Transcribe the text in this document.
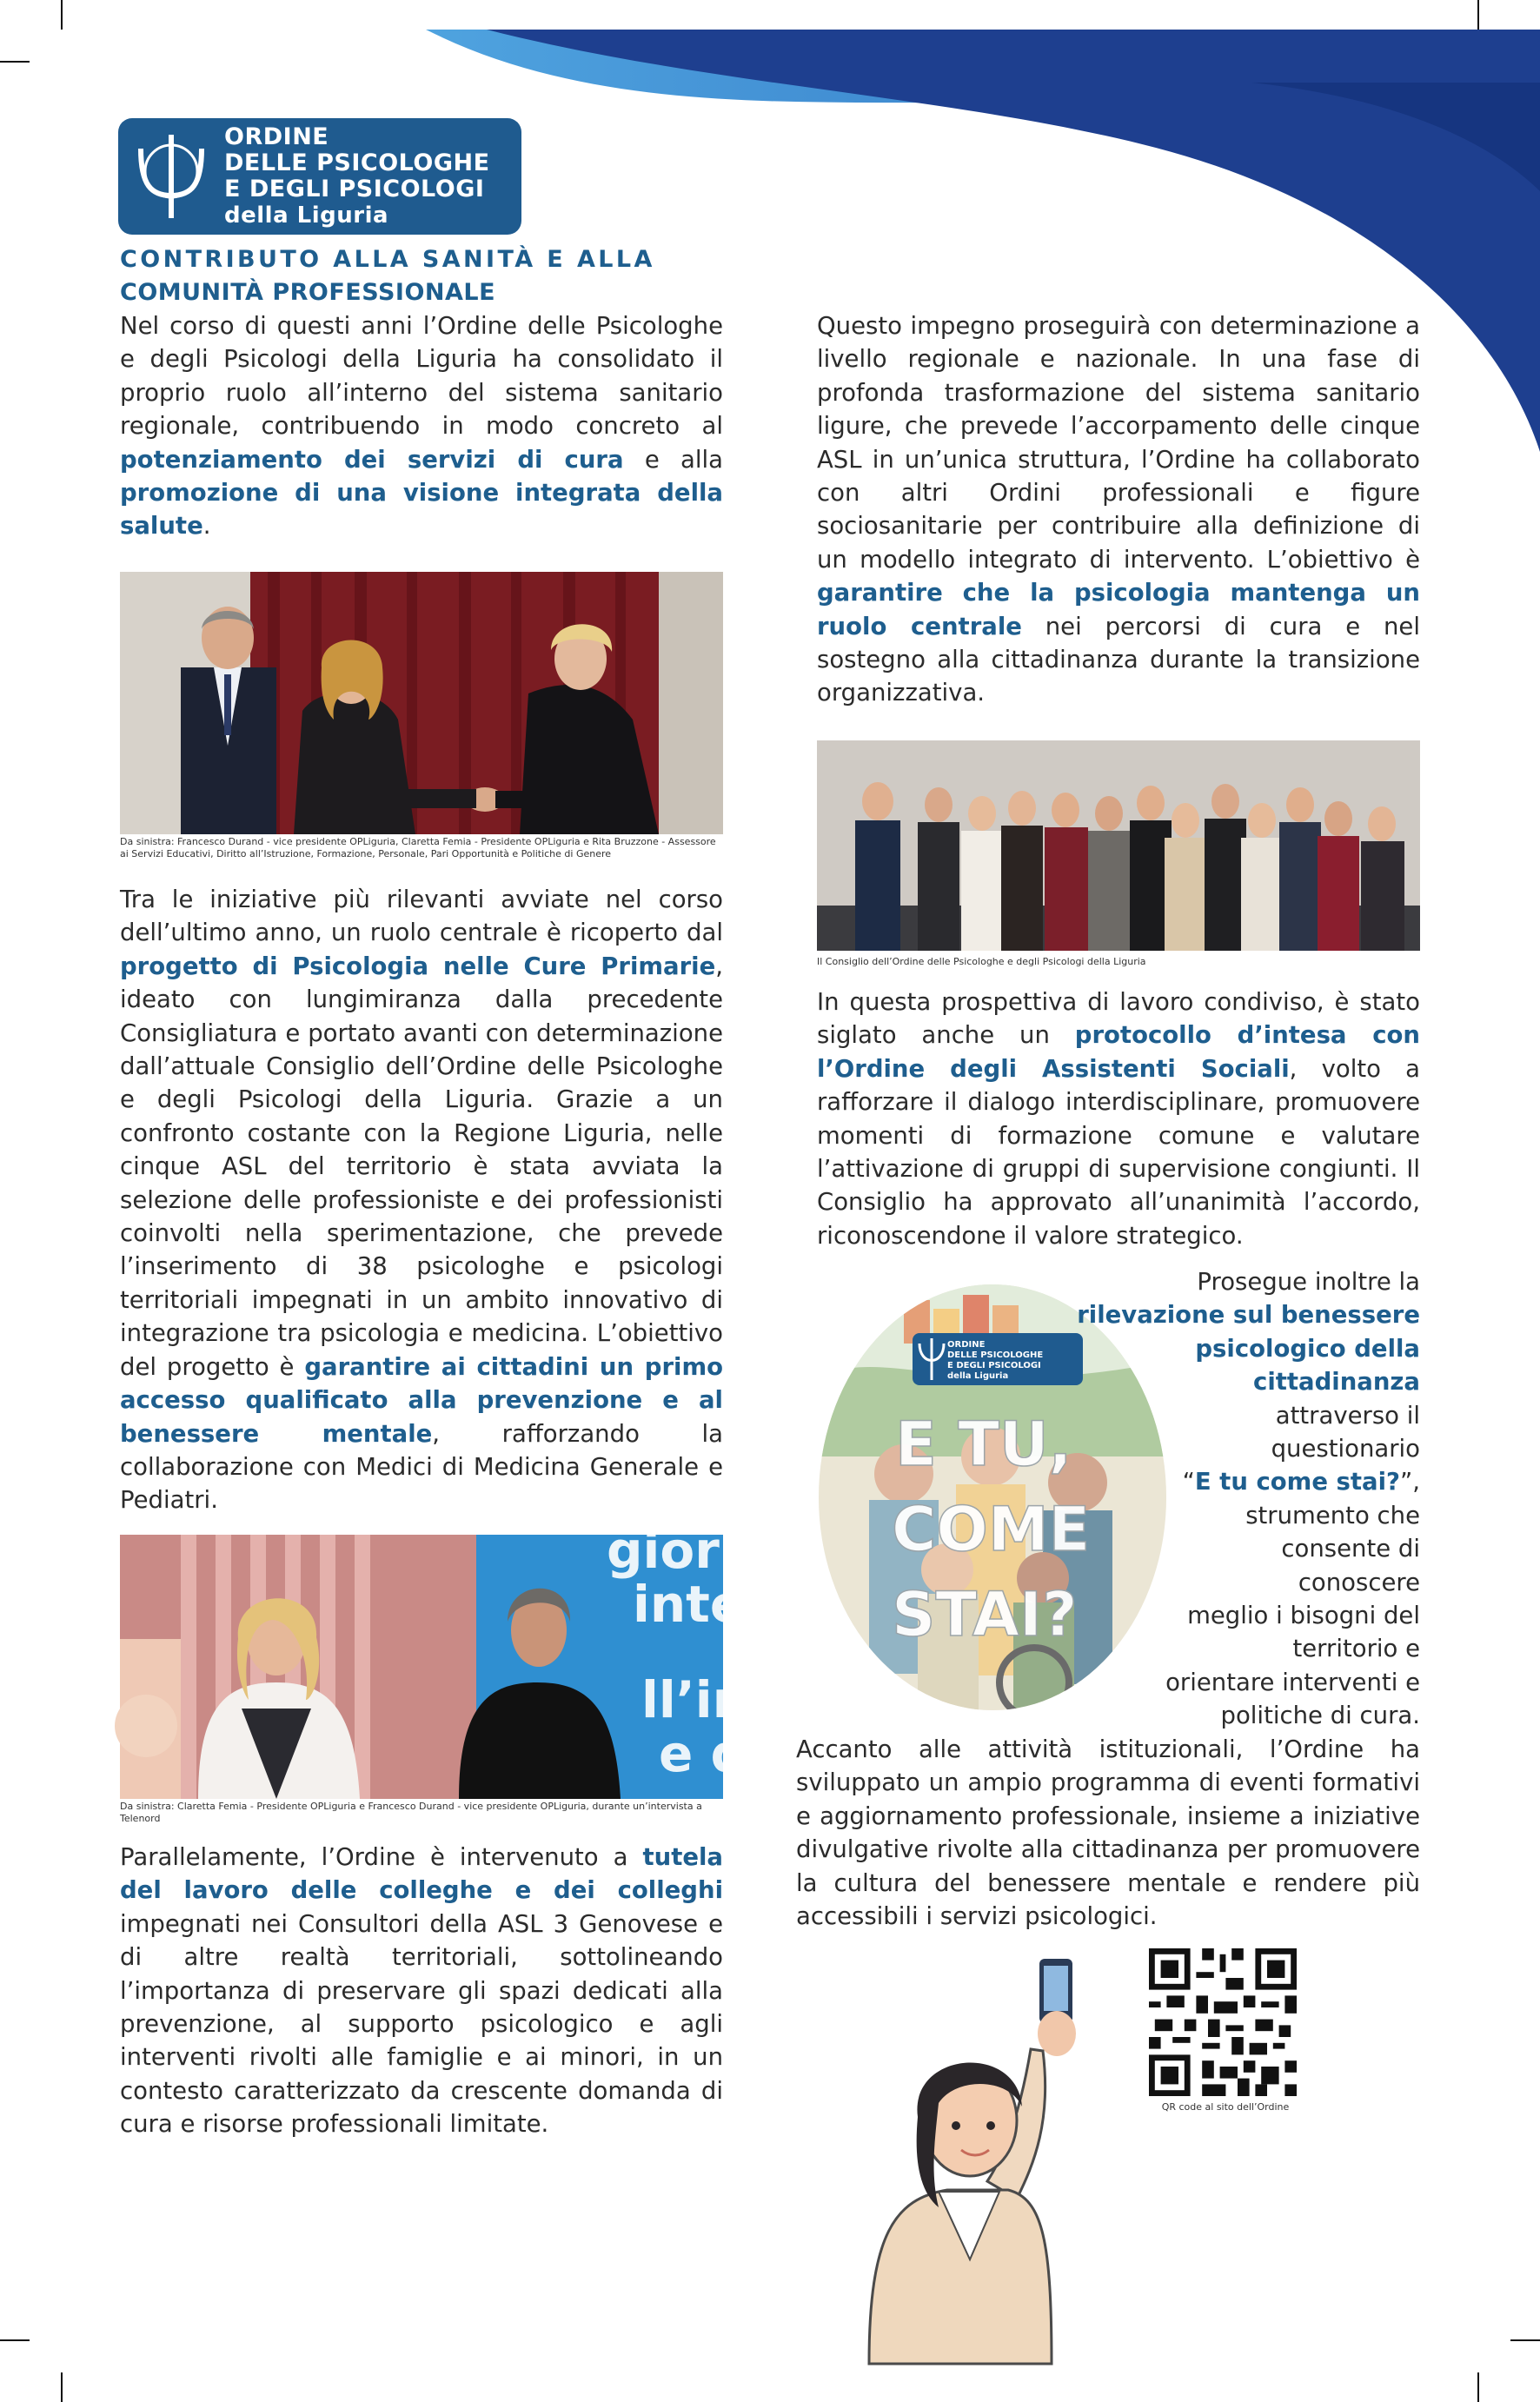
ORDINE
DELLE PSICOLOGHE
E DEGLI PSICOLOGI
della Liguria
CONTRIBUTO ALLA SANITÀ E ALLA
COMUNITÀ PROFESSIONALE
Nel corso di questi anni l’Ordine delle Psicologhe e degli Psicologi della Liguria ha consolidato il proprio ruolo all’interno del sistema sanitario regionale, contribuendo in modo concreto al potenziamento dei servizi di cura e alla promozione di una visione integrata della salute.
Da sinistra: Francesco Durand - vice presidente OPLiguria, Claretta Femia - Presidente OPLiguria e Rita Bruzzone - Assessore ai Servizi Educativi, Diritto all’Istruzione, Formazione, Personale, Pari Opportunità e Politiche di Genere
Tra le iniziative più rilevanti avviate nel corso dell’ultimo anno, un ruolo centrale è ricoperto dal progetto di Psicologia nelle Cure Primarie, ideato con lungimiranza dalla precedente Consigliatura e portato avanti con determinazione dall’attuale Consiglio dell’Ordine delle Psicologhe e degli Psicologi della Liguria. Grazie a un confronto costante con la Regione Liguria, nelle cinque ASL del territorio è stata avviata la selezione delle professioniste e dei professionisti coinvolti nella sperimentazione, che prevede l’inserimento di 38 psicologhe e psicologi territoriali impegnati in un ambito innovativo di integrazione tra psicologia e medicina. L’obiettivo del progetto è garantire ai cittadini un primo accesso qualificato alla prevenzione e al benessere mentale, rafforzando la collaborazione con Medici di Medicina Generale e Pediatri.
giorna
inte
ll’in
e d
Da sinistra: Claretta Femia - Presidente OPLiguria e Francesco Durand - vice presidente OPLiguria, durante un’intervista a Telenord
Parallelamente, l’Ordine è intervenuto a tutela del lavoro delle colleghe e dei colleghi impegnati nei Consultori della ASL 3 Genovese e di altre realtà territoriali, sottolineando l’importanza di preservare gli spazi dedicati alla prevenzione, al supporto psicologico e agli interventi rivolti alle famiglie e ai minori, in un contesto caratterizzato da crescente domanda di cura e risorse professionali limitate.
Questo impegno proseguirà con determinazione a livello regionale e nazionale. In una fase di profonda trasformazione del sistema sanitario ligure, che prevede l’accorpamento delle cinque ASL in un’unica struttura, l’Ordine ha collaborato con altri Ordini professionali e figure sociosanitarie per contribuire alla definizione di un modello integrato di intervento. L’obiettivo è garantire che la psicologia mantenga un ruolo centrale nei percorsi di cura e nel sostegno alla cittadinanza durante la transizione organizzativa.
Il Consiglio dell’Ordine delle Psicologhe e degli Psicologi della Liguria
In questa prospettiva di lavoro condiviso, è stato siglato anche un protocollo d’intesa con l’Ordine degli Assistenti Sociali, volto a rafforzare il dialogo interdisciplinare, promuovere momenti di formazione comune e valutare l’attivazione di gruppi di supervisione congiunti. Il Consiglio ha approvato all’unanimità l’accordo, riconoscendone il valore strategico.
ORDINE
DELLE PSICOLOGHE
E DEGLI PSICOLOGI
della Liguria
E TU,
COME
STAI?
Prosegue inoltre la
rilevazione sul benessere
psicologico della
cittadinanza
attraverso il
questionario
“E tu come stai?”,
strumento che
consente di
conoscere
meglio i bisogni del
territorio e
orientare interventi e
politiche di cura.
Accanto alle attività istituzionali, l’Ordine ha sviluppato un ampio programma di eventi formativi e aggiornamento professionale, insieme a iniziative divulgative rivolte alla cittadinanza per promuovere la cultura del benessere mentale e rendere più accessibili i servizi psicologici.
QR code al sito dell’Ordine
